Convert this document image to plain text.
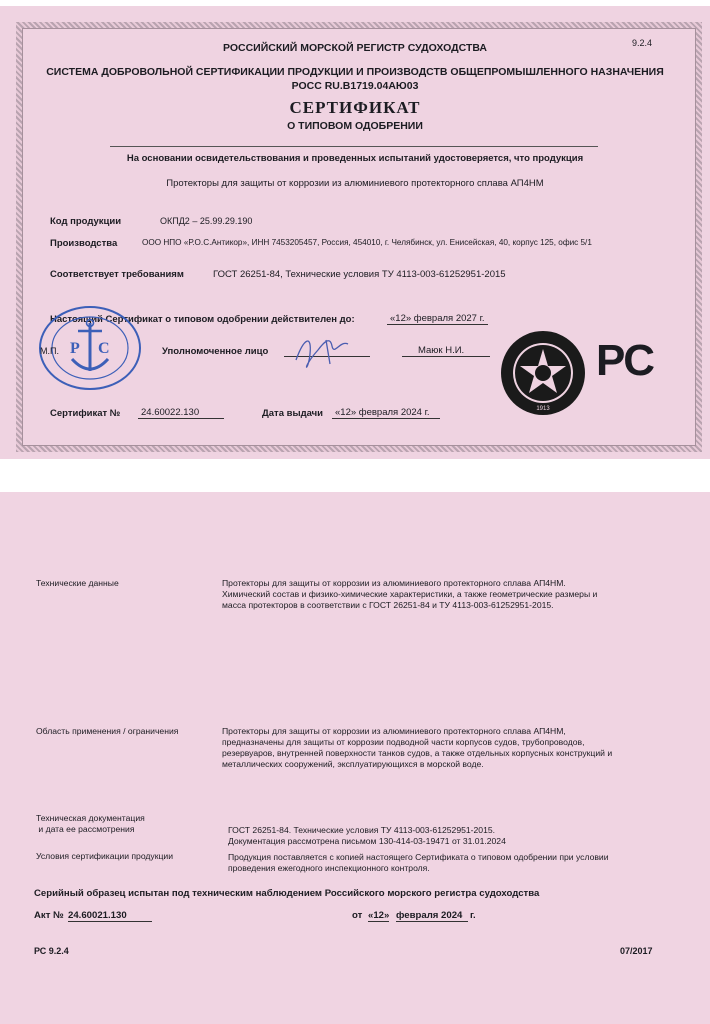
9.2.4
РОССИЙСКИЙ МОРСКОЙ РЕГИСТР СУДОХОДСТВА
СИСТЕМА ДОБРОВОЛЬНОЙ СЕРТИФИКАЦИИ ПРОДУКЦИИ И ПРОИЗВОДСТВ ОБЩЕПРОМЫШЛЕННОГО НАЗНАЧЕНИЯ
РОСС RU.B1719.04АЮ03
СЕРТИФИКАТ
О ТИПОВОМ ОДОБРЕНИИ
На основании освидетельствования и проведенных испытаний удостоверяется, что продукция
Протекторы для защиты от коррозии из алюминиевого протекторного сплава АП4НМ
Код продукции	ОКПД2 – 25.99.29.190
Производства	ООО НПО «Р.О.С.Антикор», ИНН 7453205457, Россия, 454010, г. Челябинск, ул. Енисейская, 40, корпус 125, офис 5/1
Соответствует требованиям	ГОСТ 26251-84, Технические условия ТУ 4113-003-61252951-2015
Настоящий Сертификат о типовом одобрении действителен до:	«12» февраля 2027 г.
Р С
М.П.	Уполномоченное лицо	Маюк Н.И.
1913
РС
Сертификат №	24.60022.130	Дата выдачи	«12» февраля 2024 г.
Технические данные	Протекторы для защиты от коррозии из алюминиевого протекторного сплава АП4НМ.
Химический состав и физико-химические характеристики, а также геометрические размеры и
масса протекторов в соответствии с ГОСТ 26251-84 и ТУ 4113-003-61252951-2015.
Область применения / ограничения	Протекторы для защиты от коррозии из алюминиевого протекторного сплава АП4НМ,
предназначены для защиты от коррозии подводной части корпусов судов, трубопроводов,
резервуаров, внутренней поверхности танков судов, а также отдельных корпусных конструкций и
металлических сооружений, эксплуатирующихся в морской воде.
Техническая документация
и дата ее рассмотрения	ГОСТ 26251-84. Технические условия ТУ 4113-003-61252951-2015.
Документация рассмотрена письмом 130-414-03-19471 от 31.01.2024
Условия сертификации продукции	Продукция поставляется с копией настоящего Сертификата о типовом одобрении при условии
проведения ежегодного инспекционного контроля.
Серийный образец испытан под техническим наблюдением Российского морского регистра судоходства
Акт № 24.60021.130	от «12» февраля 2024 г.
РС 9.2.4	07/2017
